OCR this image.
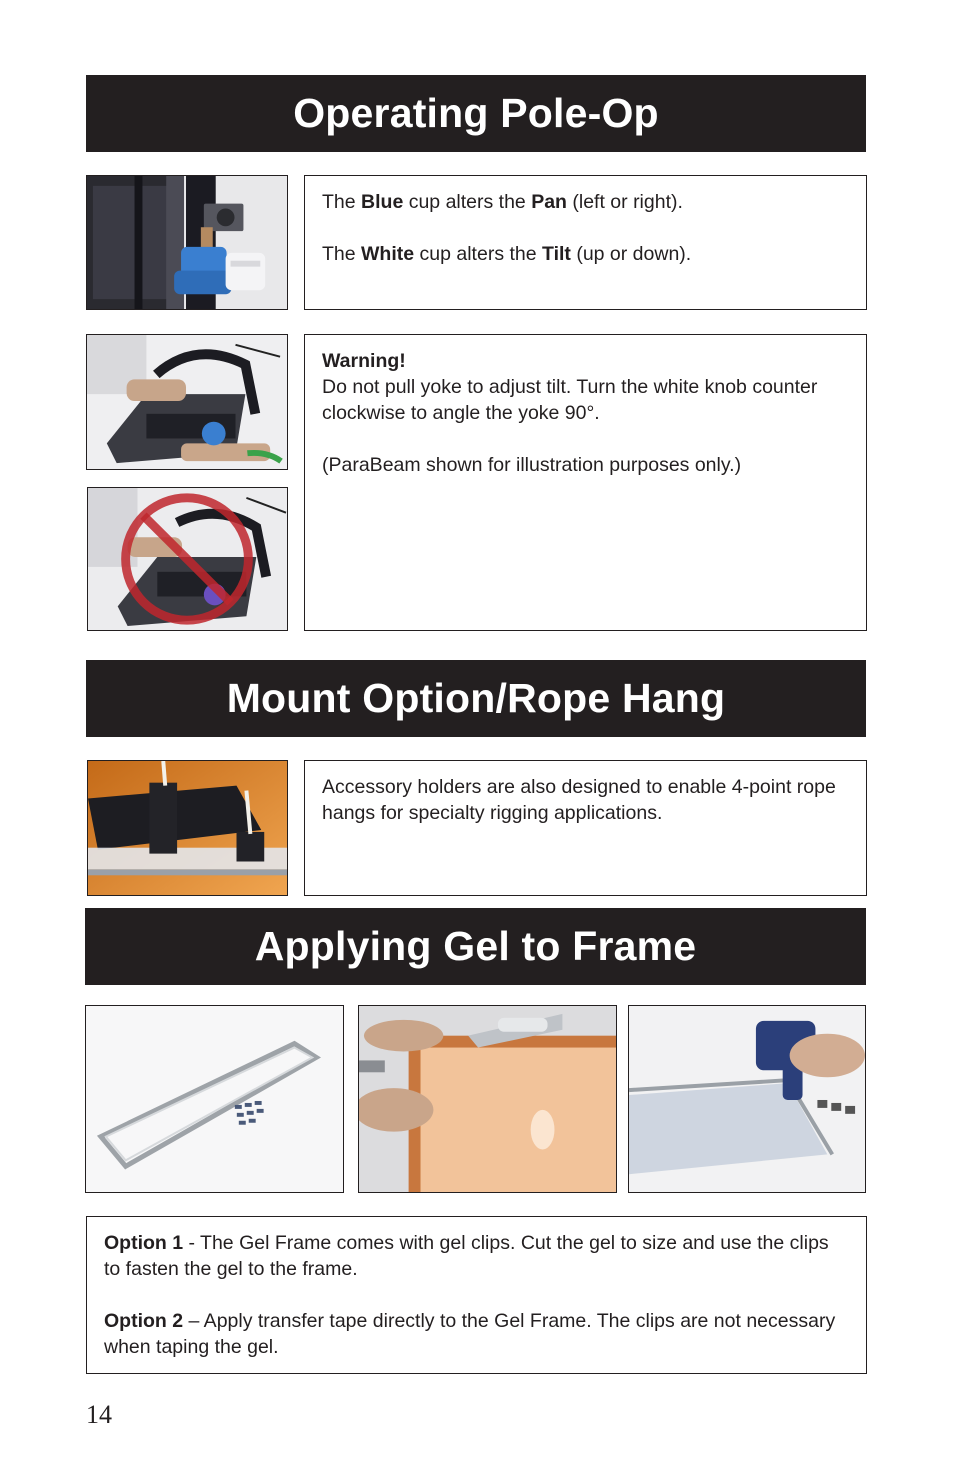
Operating Pole-Op

The Blue cup alters the Pan (left or right).

The White cup alters the Tilt (up or down).

Warning!

Do not pull yoke to adjust tilt. Turn the white knob counter clockwise to angle the yoke 90°.

(ParaBeam shown for illustration purposes only.)

Mount Option/Rope Hang

Accessory holders are also designed to enable 4-point rope hangs for specialty rigging applications.

Applying Gel to Frame

Option 1 - The Gel Frame comes with gel clips. Cut the gel to size and use the clips to fasten the gel to the frame.

Option 2 – Apply transfer tape directly to the Gel Frame. The clips are not necessary when taping the gel.

14
